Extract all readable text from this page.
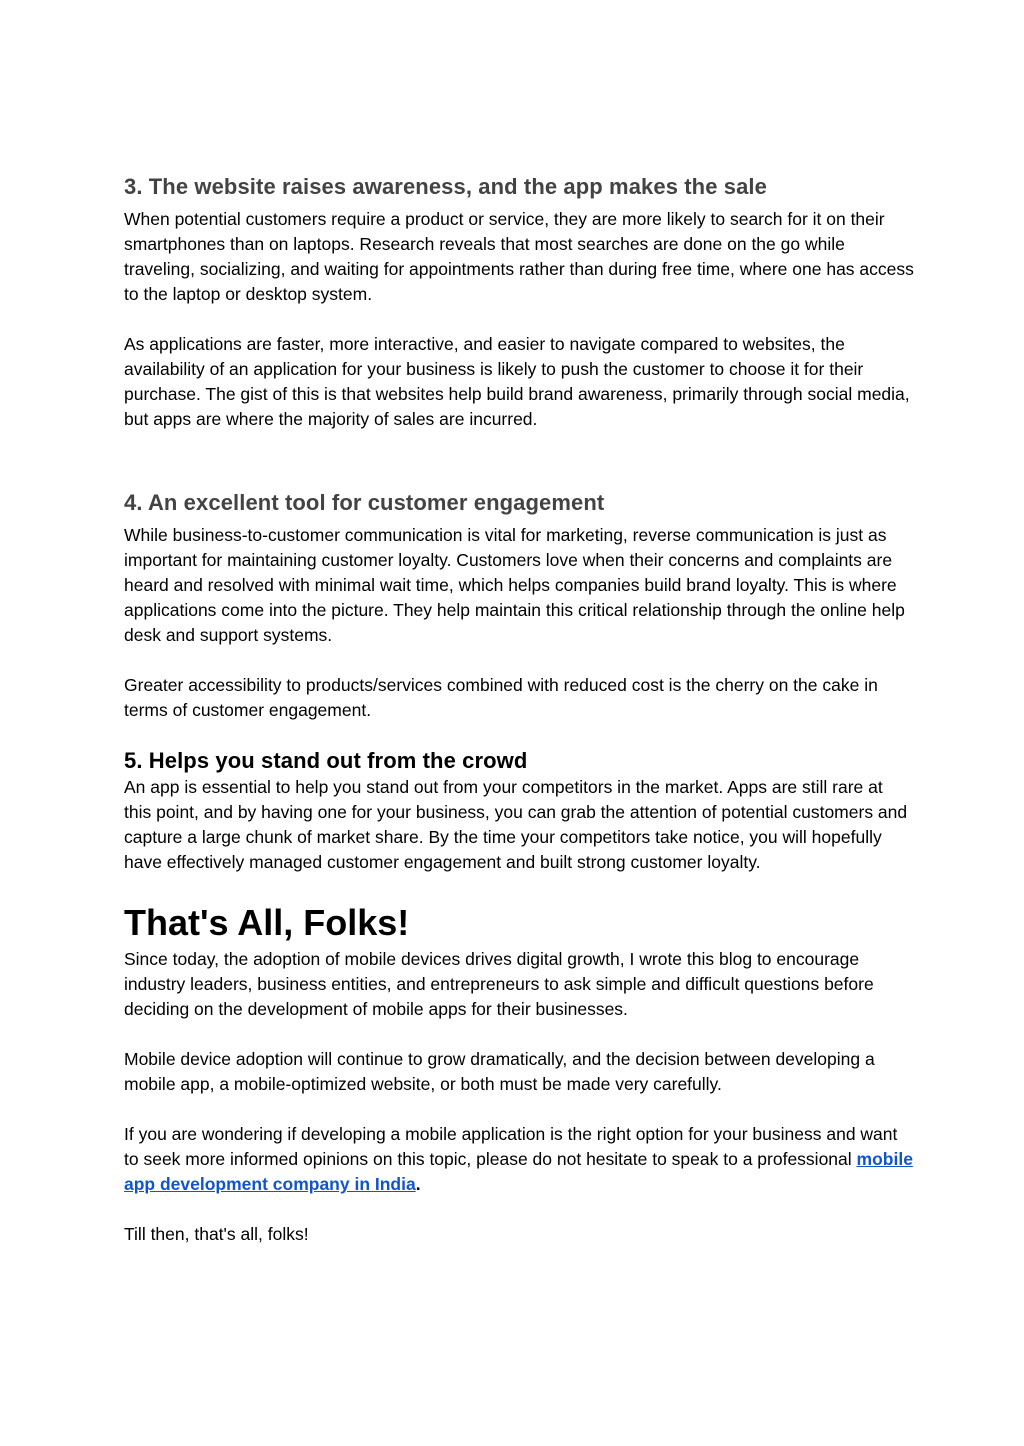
3. The website raises awareness, and the app makes the sale

When potential customers require a product or service, they are more likely to search for it on their smartphones than on laptops. Research reveals that most searches are done on the go while traveling, socializing, and waiting for appointments rather than during free time, where one has access to the laptop or desktop system.

As applications are faster, more interactive, and easier to navigate compared to websites, the availability of an application for your business is likely to push the customer to choose it for their purchase. The gist of this is that websites help build brand awareness, primarily through social media, but apps are where the majority of sales are incurred.

4. An excellent tool for customer engagement

While business-to-customer communication is vital for marketing, reverse communication is just as important for maintaining customer loyalty. Customers love when their concerns and complaints are heard and resolved with minimal wait time, which helps companies build brand loyalty. This is where applications come into the picture. They help maintain this critical relationship through the online help desk and support systems.

Greater accessibility to products/services combined with reduced cost is the cherry on the cake in terms of customer engagement.

5. Helps you stand out from the crowd

An app is essential to help you stand out from your competitors in the market. Apps are still rare at this point, and by having one for your business, you can grab the attention of potential customers and capture a large chunk of market share. By the time your competitors take notice, you will hopefully have effectively managed customer engagement and built strong customer loyalty.

That's All, Folks!

Since today, the adoption of mobile devices drives digital growth, I wrote this blog to encourage industry leaders, business entities, and entrepreneurs to ask simple and difficult questions before deciding on the development of mobile apps for their businesses.

Mobile device adoption will continue to grow dramatically, and the decision between developing a mobile app, a mobile-optimized website, or both must be made very carefully.

If you are wondering if developing a mobile application is the right option for your business and want to seek more informed opinions on this topic, please do not hesitate to speak to a professional mobile app development company in India.

Till then, that's all, folks!
